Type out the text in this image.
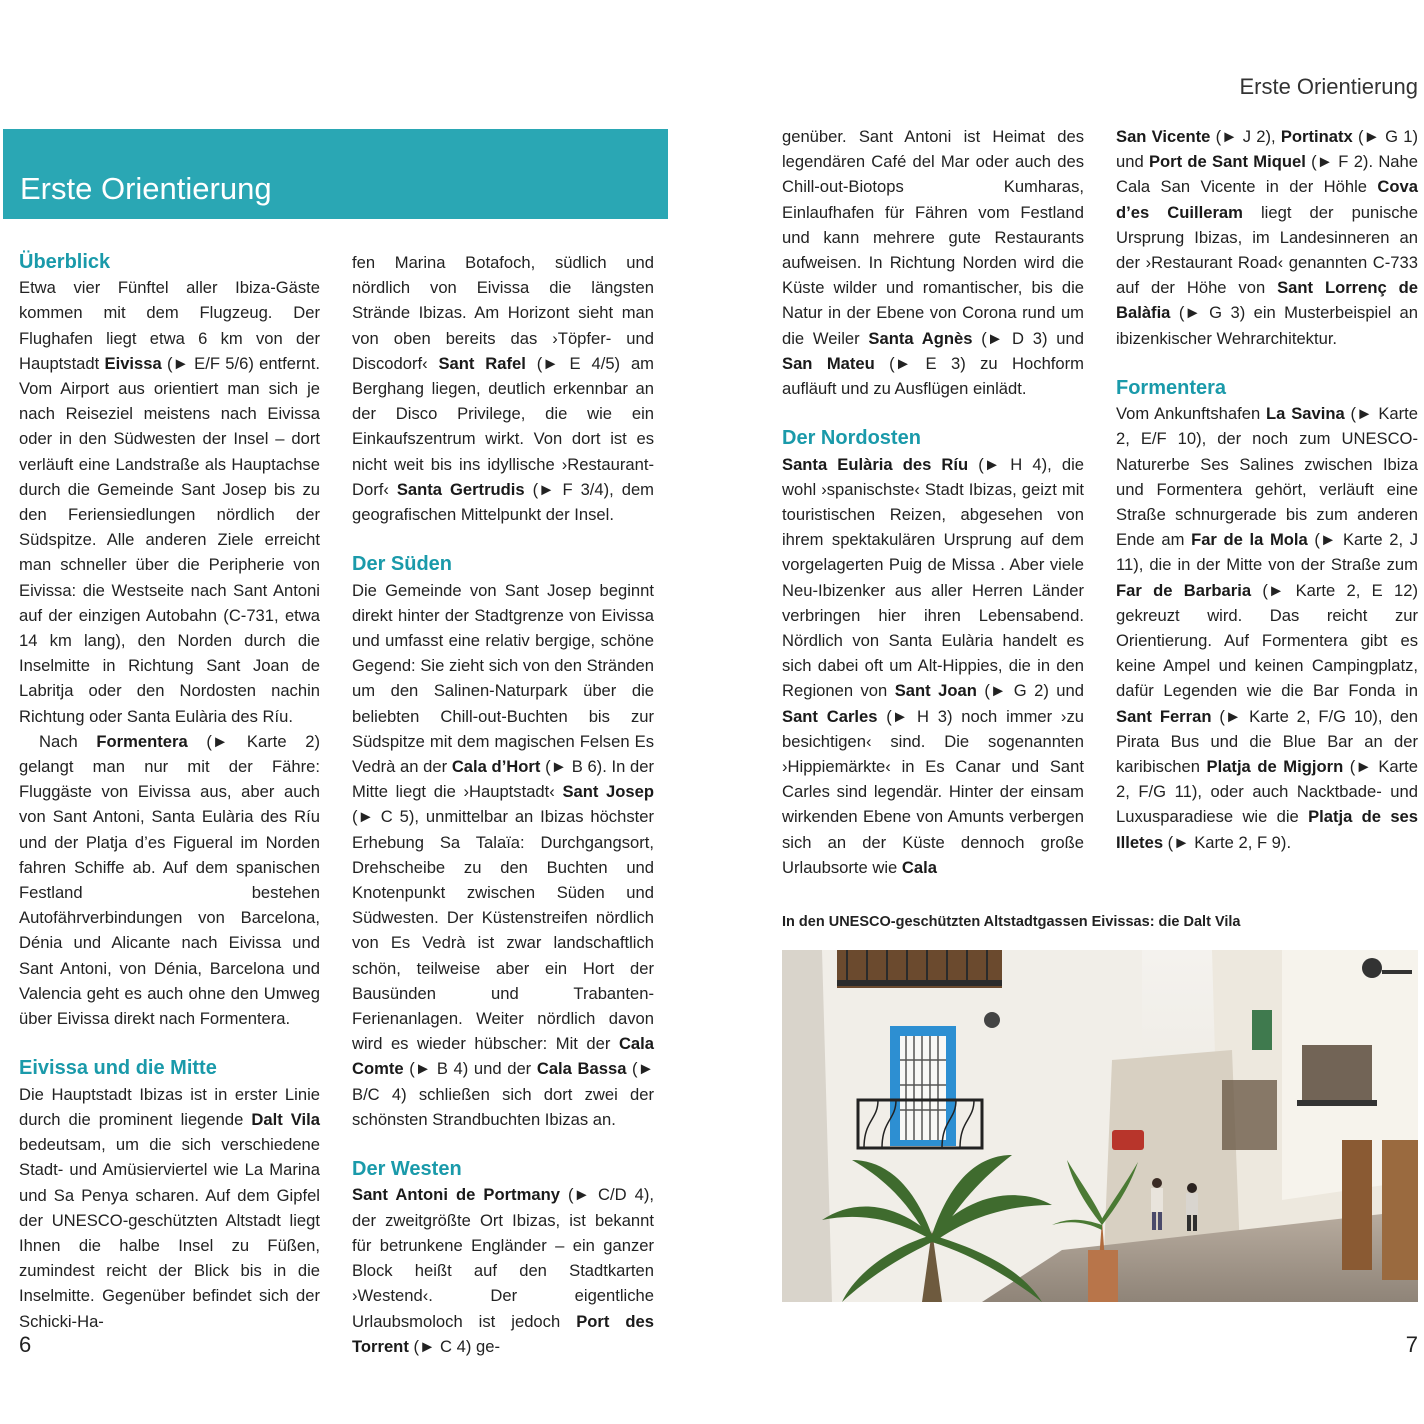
Erste Orientierung
Erste Orientierung
Überblick

Etwa vier Fünftel aller Ibiza-Gäste kommen mit dem Flugzeug. Der Flughafen liegt etwa 6 km von der Hauptstadt Eivissa (► E/F 5/6) entfernt. Vom Airport aus orientiert man sich je nach Reiseziel meistens nach Eivissa oder in den Südwesten der Insel – dort verläuft eine Landstraße als Hauptachse durch die Gemeinde Sant Josep bis zu den Feriensiedlungen nördlich der Südspitze. Alle anderen Ziele erreicht man schneller über die Peripherie von Eivissa: die Westseite nach Sant Antoni auf der einzigen Autobahn (C-731, etwa 14 km lang), den Norden durch die Inselmitte in Richtung Sant Joan de Labritja oder den Nordosten nachin Richtung oder Santa Eulària des Ríu.

Nach Formentera (► Karte 2) gelangt man nur mit der Fähre: Fluggäste von Eivissa aus, aber auch von Sant Antoni, Santa Eulària des Ríu und der Platja d’es Figueral im Norden fahren Schiffe ab. Auf dem spanischen Festland bestehen Autofährverbindungen von Barcelona, Dénia und Alicante nach Eivissa und Sant Antoni, von Dénia, Barcelona und Valencia geht es auch ohne den Umweg über Eivissa direkt nach Formentera.

Eivissa und die Mitte

Die Hauptstadt Ibizas ist in erster Linie durch die prominent liegende Dalt Vila bedeutsam, um die sich verschiedene Stadt- und Amüsierviertel wie La Marina und Sa Penya scharen. Auf dem Gipfel der UNESCO-geschützten Altstadt liegt Ihnen die halbe Insel zu Füßen, zumindest reicht der Blick bis in die Inselmitte. Gegenüber befindet sich der Schicki-Ha-

fen Marina Botafoch, südlich und nördlich von Eivissa die längsten Strände Ibizas. Am Horizont sieht man von oben bereits das ›Töpfer- und Discodorf‹ Sant Rafel (► E 4/5) am Berghang liegen, deutlich erkennbar an der Disco Privilege, die wie ein Einkaufszentrum wirkt. Von dort ist es nicht weit bis ins idyllische ›Restaurant-Dorf‹ Santa Gertrudis (► F 3/4), dem geografischen Mittelpunkt der Insel.

Der Süden

Die Gemeinde von Sant Josep beginnt direkt hinter der Stadtgrenze von Eivissa und umfasst eine relativ bergige, schöne Gegend: Sie zieht sich von den Stränden um den Salinen-Naturpark über die beliebten Chill-out-Buchten bis zur Südspitze mit dem magischen Felsen Es Vedrà an der Cala d’Hort (► B 6). In der Mitte liegt die ›Hauptstadt‹ Sant Josep (► C 5), unmittelbar an Ibizas höchster Erhebung Sa Talaïa: Durchgangsort, Drehscheibe zu den Buchten und Knotenpunkt zwischen Süden und Südwesten. Der Küstenstreifen nördlich von Es Vedrà ist zwar landschaftlich schön, teilweise aber ein Hort der Bausünden und Trabanten-Ferienanlagen. Weiter nördlich davon wird es wieder hübscher: Mit der Cala Comte (► B 4) und der Cala Bassa (► B/C 4) schließen sich dort zwei der schönsten Strandbuchten Ibizas an.

Der Westen

Sant Antoni de Portmany (► C/D 4), der zweitgrößte Ort Ibizas, ist bekannt für betrunkene Engländer – ein ganzer Block heißt auf den Stadtkarten ›Westend‹. Der eigentliche Urlaubsmoloch ist jedoch Port des Torrent (► C 4) ge-

genüber. Sant Antoni ist Heimat des legendären Café del Mar oder auch des Chill-out-Biotops Kumharas, Einlaufhafen für Fähren vom Festland und kann mehrere gute Restaurants aufweisen. In Richtung Norden wird die Küste wilder und romantischer, bis die Natur in der Ebene von Corona rund um die Weiler Santa Agnès (► D 3) und San Mateu (► E 3) zu Hochform aufläuft und zu Ausflügen einlädt.

Der Nordosten

Santa Eulària des Ríu (► H 4), die wohl ›spanischste‹ Stadt Ibizas, geizt mit touristischen Reizen, abgesehen von ihrem spektakulären Ursprung auf dem vorgelagerten Puig de Missa . Aber viele Neu-Ibizenker aus aller Herren Länder verbringen hier ihren Lebensabend. Nördlich von Santa Eulària handelt es sich dabei oft um Alt-Hippies, die in den Regionen von Sant Joan (► G 2) und Sant Carles (► H 3) noch immer ›zu besichtigen‹ sind. Die sogenannten ›Hippiemärkte‹ in Es Canar und Sant Carles sind legendär. Hinter der einsam wirkenden Ebene von Amunts verbergen sich an der Küste dennoch große Urlaubsorte wie Cala

San Vicente (► J 2), Portinatx (► G 1) und Port de Sant Miquel (► F 2). Nahe Cala San Vicente in der Höhle Cova d’es Cuilleram liegt der punische Ursprung Ibizas, im Landesinneren an der ›Restaurant Road‹ genannten C-733 auf der Höhe von Sant Lorrenç de Balàfia (► G 3) ein Musterbeispiel an ibizenkischer Wehrarchitektur.

Formentera

Vom Ankunftshafen La Savina (► Karte 2, E/F 10), der noch zum UNESCO-Naturerbe Ses Salines zwischen Ibiza und Formentera gehört, verläuft eine Straße schnurgerade bis zum anderen Ende am Far de la Mola (► Karte 2, J 11), die in der Mitte von der Straße zum Far de Barbaria (► Karte 2, E 12) gekreuzt wird. Das reicht zur Orientierung. Auf Formentera gibt es keine Ampel und keinen Campingplatz, dafür Legenden wie die Bar Fonda in Sant Ferran (► Karte 2, F/G 10), den Pirata Bus und die Blue Bar an der karibischen Platja de Migjorn (► Karte 2, F/G 11), oder auch Nacktbade- und Luxusparadiese wie die Platja de ses Illetes (► Karte 2, F 9).

In den UNESCO-geschützten Altstadtgassen Eivissas: die Dalt Vila
6	7
